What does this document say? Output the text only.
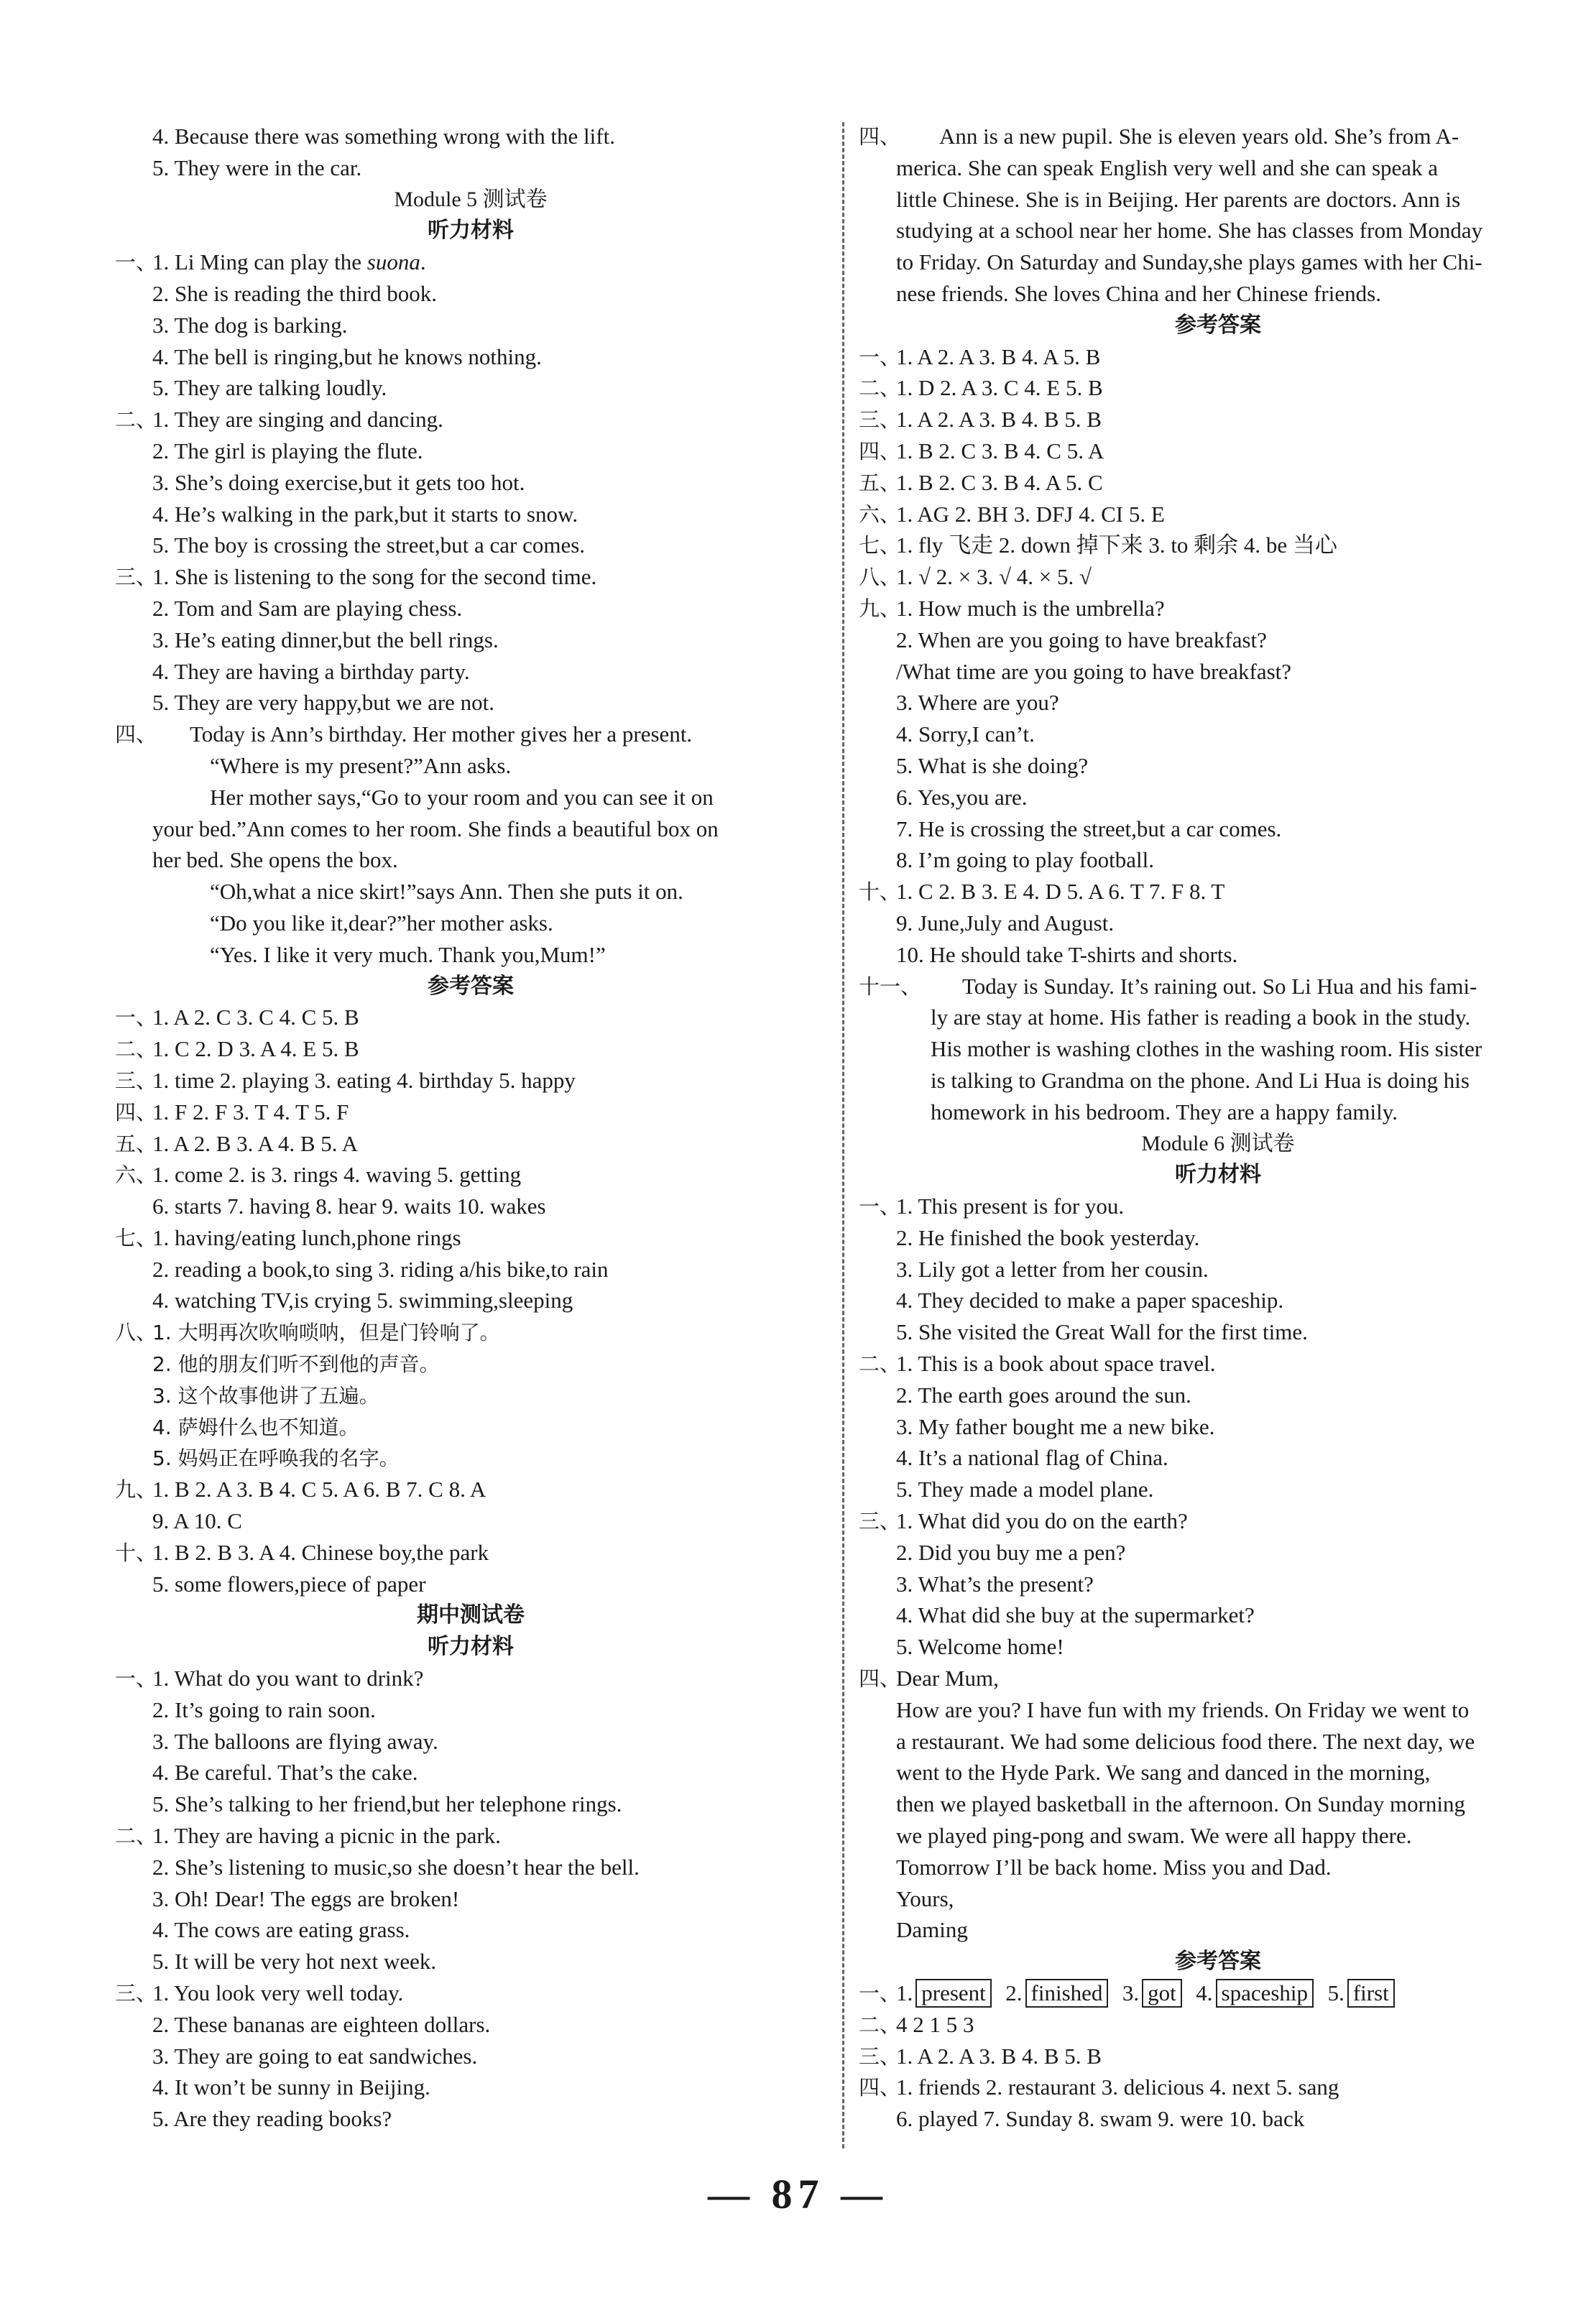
4. Because there was something wrong with the lift.
5. They were in the car.
Module 5 测试卷
听力材料
一、1. Li Ming can play the suona.
2. She is reading the third book.
3. The dog is barking.
4. The bell is ringing,but he knows nothing.
5. They are talking loudly.
二、1. They are singing and dancing.
2. The girl is playing the flute.
3. She’s doing exercise,but it gets too hot.
4. He’s walking in the park,but it starts to snow.
5. The boy is crossing the street,but a car comes.
三、1. She is listening to the song for the second time.
2. Tom and Sam are playing chess.
3. He’s eating dinner,but the bell rings.
4. They are having a birthday party.
5. They are very happy,but we are not.
四、 Today is Ann’s birthday. Her mother gives her a present.
“Where is my present?”Ann asks.
Her mother says,“Go to your room and you can see it on
your bed.”Ann comes to her room. She finds a beautiful box on
her bed. She opens the box.
“Oh,what a nice skirt!”says Ann. Then she puts it on.
“Do you like it,dear?”her mother asks.
“Yes. I like it very much. Thank you,Mum!”
参考答案
一、1. A 2. C 3. C 4. C 5. B
二、1. C 2. D 3. A 4. E 5. B
三、1. time 2. playing 3. eating 4. birthday 5. happy
四、1. F 2. F 3. T 4. T 5. F
五、1. A 2. B 3. A 4. B 5. A
六、1. come 2. is 3. rings 4. waving 5. getting
6. starts 7. having 8. hear 9. waits 10. wakes
七、1. having/eating lunch,phone rings
2. reading a book,to sing 3. riding a/his bike,to rain
4. watching TV,is crying 5. swimming,sleeping
八、1. 大明再次吹响唢呐，但是门铃响了。
2. 他的朋友们听不到他的声音。
3. 这个故事他讲了五遍。
4. 萨姆什么也不知道。
5. 妈妈正在呼唤我的名字。
九、1. B 2. A 3. B 4. C 5. A 6. B 7. C 8. A
9. A 10. C
十、1. B 2. B 3. A 4. Chinese boy,the park
5. some flowers,piece of paper
期中测试卷
听力材料
一、1. What do you want to drink?
2. It’s going to rain soon.
3. The balloons are flying away.
4. Be careful. That’s the cake.
5. She’s talking to her friend,but her telephone rings.
二、1. They are having a picnic in the park.
2. She’s listening to music,so she doesn’t hear the bell.
3. Oh! Dear! The eggs are broken!
4. The cows are eating grass.
5. It will be very hot next week.
三、1. You look very well today.
2. These bananas are eighteen dollars.
3. They are going to eat sandwiches.
4. It won’t be sunny in Beijing.
5. Are they reading books?
四、 Ann is a new pupil. She is eleven years old. She’s from A-
merica. She can speak English very well and she can speak a
little Chinese. She is in Beijing. Her parents are doctors. Ann is
studying at a school near her home. She has classes from Monday
to Friday. On Saturday and Sunday,she plays games with her Chi-
nese friends. She loves China and her Chinese friends.
参考答案
一、1. A 2. A 3. B 4. A 5. B
二、1. D 2. A 3. C 4. E 5. B
三、1. A 2. A 3. B 4. B 5. B
四、1. B 2. C 3. B 4. C 5. A
五、1. B 2. C 3. B 4. A 5. C
六、1. AG 2. BH 3. DFJ 4. CI 5. E
七、1. fly 飞走 2. down 掉下来 3. to 剩余 4. be 当心
八、1. √ 2. × 3. √ 4. × 5. √
九、1. How much is the umbrella?
2. When are you going to have breakfast?
/What time are you going to have breakfast?
3. Where are you?
4. Sorry,I can’t.
5. What is she doing?
6. Yes,you are.
7. He is crossing the street,but a car comes.
8. I’m going to play football.
十、1. C 2. B 3. E 4. D 5. A 6. T 7. F 8. T
9. June,July and August.
10. He should take T-shirts and shorts.
十一、 Today is Sunday. It’s raining out. So Li Hua and his fami-
ly are stay at home. His father is reading a book in the study.
His mother is washing clothes in the washing room. His sister
is talking to Grandma on the phone. And Li Hua is doing his
homework in his bedroom. They are a happy family.
Module 6 测试卷
听力材料
一、1. This present is for you.
2. He finished the book yesterday.
3. Lily got a letter from her cousin.
4. They decided to make a paper spaceship.
5. She visited the Great Wall for the first time.
二、1. This is a book about space travel.
2. The earth goes around the sun.
3. My father bought me a new bike.
4. It’s a national flag of China.
5. They made a model plane.
三、1. What did you do on the earth?
2. Did you buy me a pen?
3. What’s the present?
4. What did she buy at the supermarket?
5. Welcome home!
四、Dear Mum,
How are you? I have fun with my friends. On Friday we went to
a restaurant. We had some delicious food there. The next day, we
went to the Hyde Park. We sang and danced in the morning,
then we played basketball in the afternoon. On Sunday morning
we played ping-pong and swam. We were all happy there.
Tomorrow I’ll be back home. Miss you and Dad.
Yours,
Daming
参考答案
一、1. present 2. finished 3. got 4. spaceship 5. first
二、4 2 1 5 3
三、1. A 2. A 3. B 4. B 5. B
四、1. friends 2. restaurant 3. delicious 4. next 5. sang
6. played 7. Sunday 8. swam 9. were 10. back
— 87 —
